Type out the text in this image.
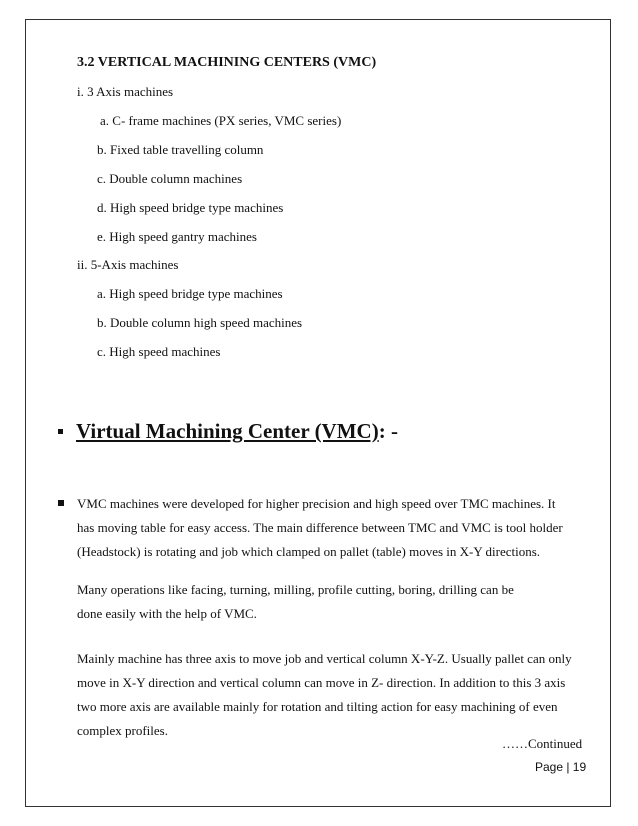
3.2 VERTICAL MACHINING CENTERS (VMC)
i. 3 Axis machines
a. C- frame machines (PX series, VMC series)
b. Fixed table travelling column
c. Double column machines
d. High speed bridge type machines
e. High speed gantry machines
ii. 5-Axis machines
a. High speed bridge type machines
b. Double column high speed machines
c. High speed machines
Virtual Machining Center (VMC): -
VMC machines were developed for higher precision and high speed over TMC machines. It
has moving table for easy access. The main difference between TMC and VMC is tool holder
(Headstock) is rotating and job which clamped on pallet (table) moves in X-Y directions.
Many operations like facing, turning, milling, profile cutting, boring, drilling can be
done easily with the help of VMC.
Mainly machine has three axis to move job and vertical column X-Y-Z. Usually pallet can only
move in X-Y direction and vertical column can move in Z- direction. In addition to this 3 axis
two more axis are available mainly for rotation and tilting action for easy machining of even
complex profiles.
……Continued
Page | 19
